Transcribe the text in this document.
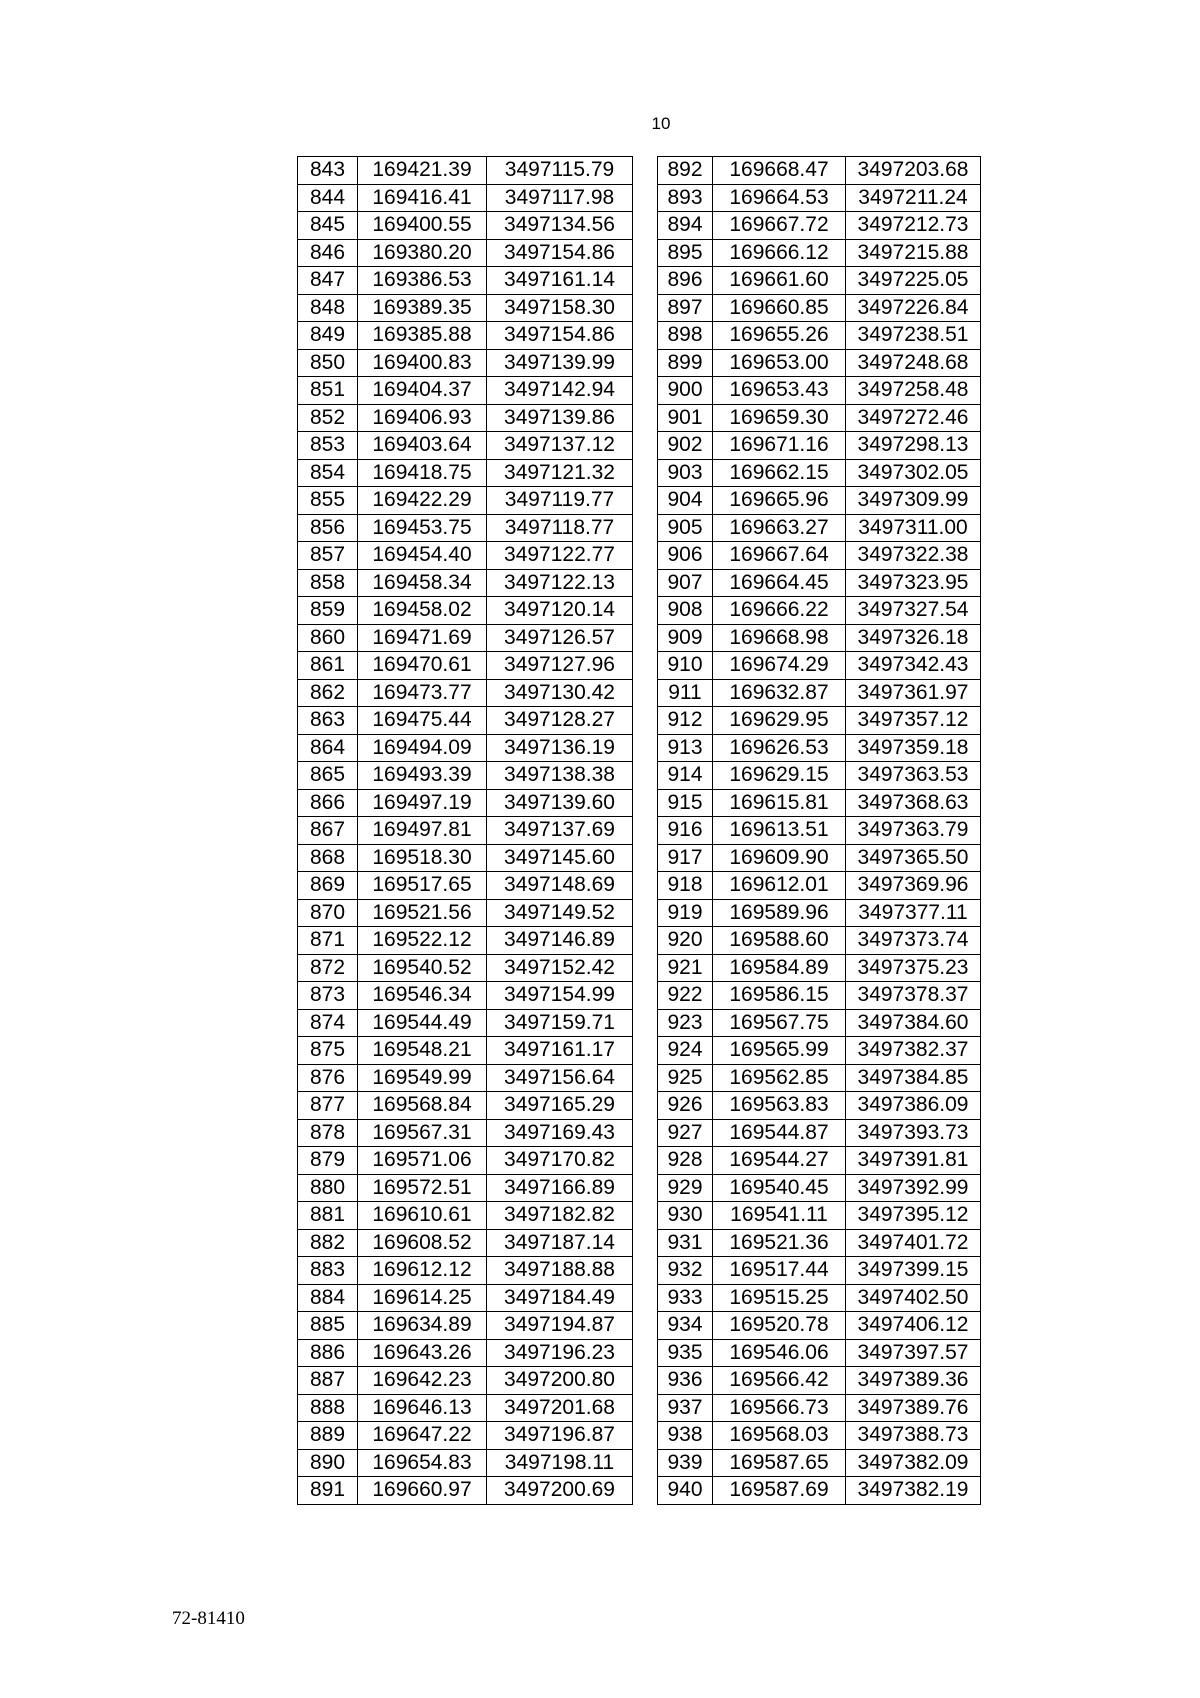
10
843	169421.39	3497115.79
844	169416.41	3497117.98
845	169400.55	3497134.56
846	169380.20	3497154.86
847	169386.53	3497161.14
848	169389.35	3497158.30
849	169385.88	3497154.86
850	169400.83	3497139.99
851	169404.37	3497142.94
852	169406.93	3497139.86
853	169403.64	3497137.12
854	169418.75	3497121.32
855	169422.29	3497119.77
856	169453.75	3497118.77
857	169454.40	3497122.77
858	169458.34	3497122.13
859	169458.02	3497120.14
860	169471.69	3497126.57
861	169470.61	3497127.96
862	169473.77	3497130.42
863	169475.44	3497128.27
864	169494.09	3497136.19
865	169493.39	3497138.38
866	169497.19	3497139.60
867	169497.81	3497137.69
868	169518.30	3497145.60
869	169517.65	3497148.69
870	169521.56	3497149.52
871	169522.12	3497146.89
872	169540.52	3497152.42
873	169546.34	3497154.99
874	169544.49	3497159.71
875	169548.21	3497161.17
876	169549.99	3497156.64
877	169568.84	3497165.29
878	169567.31	3497169.43
879	169571.06	3497170.82
880	169572.51	3497166.89
881	169610.61	3497182.82
882	169608.52	3497187.14
883	169612.12	3497188.88
884	169614.25	3497184.49
885	169634.89	3497194.87
886	169643.26	3497196.23
887	169642.23	3497200.80
888	169646.13	3497201.68
889	169647.22	3497196.87
890	169654.83	3497198.11
891	169660.97	3497200.69
892	169668.47	3497203.68
893	169664.53	3497211.24
894	169667.72	3497212.73
895	169666.12	3497215.88
896	169661.60	3497225.05
897	169660.85	3497226.84
898	169655.26	3497238.51
899	169653.00	3497248.68
900	169653.43	3497258.48
901	169659.30	3497272.46
902	169671.16	3497298.13
903	169662.15	3497302.05
904	169665.96	3497309.99
905	169663.27	3497311.00
906	169667.64	3497322.38
907	169664.45	3497323.95
908	169666.22	3497327.54
909	169668.98	3497326.18
910	169674.29	3497342.43
911	169632.87	3497361.97
912	169629.95	3497357.12
913	169626.53	3497359.18
914	169629.15	3497363.53
915	169615.81	3497368.63
916	169613.51	3497363.79
917	169609.90	3497365.50
918	169612.01	3497369.96
919	169589.96	3497377.11
920	169588.60	3497373.74
921	169584.89	3497375.23
922	169586.15	3497378.37
923	169567.75	3497384.60
924	169565.99	3497382.37
925	169562.85	3497384.85
926	169563.83	3497386.09
927	169544.87	3497393.73
928	169544.27	3497391.81
929	169540.45	3497392.99
930	169541.11	3497395.12
931	169521.36	3497401.72
932	169517.44	3497399.15
933	169515.25	3497402.50
934	169520.78	3497406.12
935	169546.06	3497397.57
936	169566.42	3497389.36
937	169566.73	3497389.76
938	169568.03	3497388.73
939	169587.65	3497382.09
940	169587.69	3497382.19
72-81410
